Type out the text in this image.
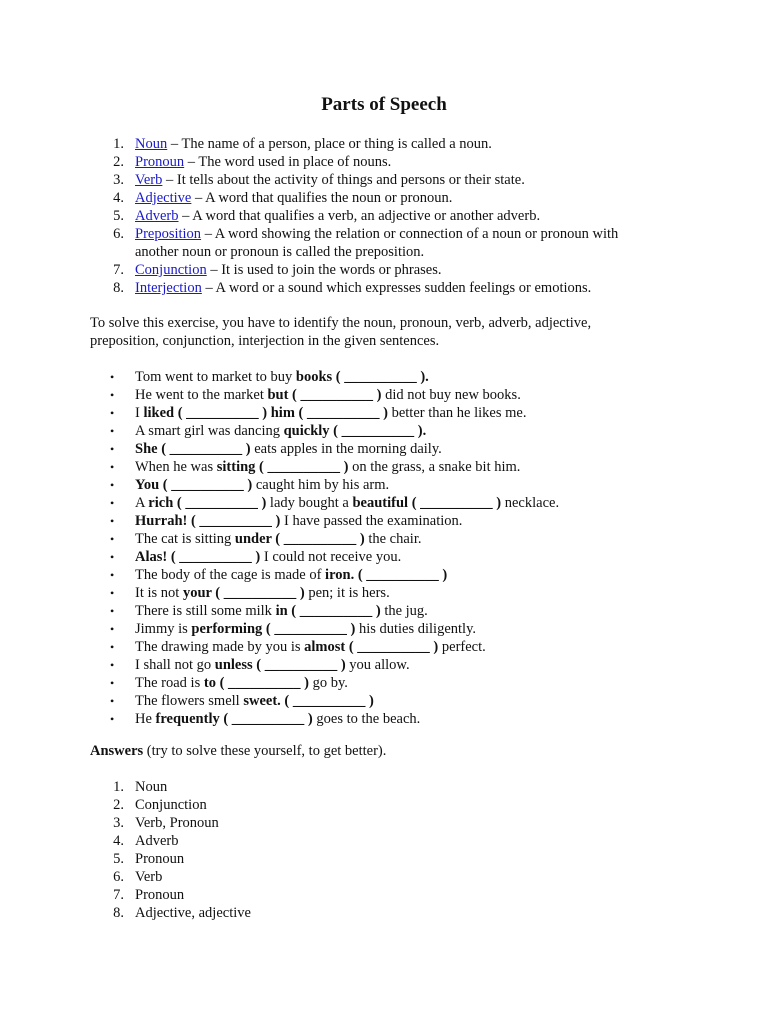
Parts of Speech
1. Noun – The name of a person, place or thing is called a noun.
2. Pronoun – The word used in place of nouns.
3. Verb – It tells about the activity of things and persons or their state.
4. Adjective – A word that qualifies the noun or pronoun.
5. Adverb – A word that qualifies a verb, an adjective or another adverb.
6. Preposition – A word showing the relation or connection of a noun or pronoun with another noun or pronoun is called the preposition.
7. Conjunction – It is used to join the words or phrases.
8. Interjection – A word or a sound which expresses sudden feelings or emotions.

To solve this exercise, you have to identify the noun, pronoun, verb, adverb, adjective, preposition, conjunction, interjection in the given sentences.

• Tom went to market to buy books ( __________ ).
• He went to the market but ( __________ ) did not buy new books.
• I liked ( __________ ) him ( __________ ) better than he likes me.
• A smart girl was dancing quickly ( __________ ).
• She ( __________ ) eats apples in the morning daily.
• When he was sitting ( __________ ) on the grass, a snake bit him.
• You ( __________ ) caught him by his arm.
• A rich ( __________ ) lady bought a beautiful ( __________ ) necklace.
• Hurrah! ( __________ ) I have passed the examination.
• The cat is sitting under ( __________ ) the chair.
• Alas! ( __________ ) I could not receive you.
• The body of the cage is made of iron. ( __________ )
• It is not your ( __________ ) pen; it is hers.
• There is still some milk in ( __________ ) the jug.
• Jimmy is performing ( __________ ) his duties diligently.
• The drawing made by you is almost ( __________ ) perfect.
• I shall not go unless ( __________ ) you allow.
• The road is to ( __________ ) go by.
• The flowers smell sweet. ( __________ )
• He frequently ( __________ ) goes to the beach.

Answers (try to solve these yourself, to get better).

1. Noun
2. Conjunction
3. Verb, Pronoun
4. Adverb
5. Pronoun
6. Verb
7. Pronoun
8. Adjective, adjective
